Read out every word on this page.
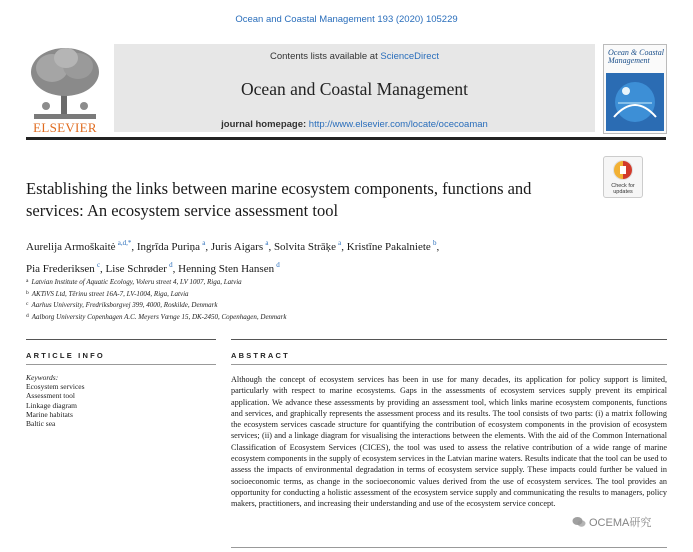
Ocean and Coastal Management 193 (2020) 105229
ELSEVIER
Contents lists available at ScienceDirect
Ocean and Coastal Management
journal homepage: http://www.elsevier.com/locate/ocecoaman
Ocean & Coastal Management
Check for updates
Establishing the links between marine ecosystem components, functions and services: An ecosystem service assessment tool
Aurelija Armoškaitė  $^{a,d,*}$, Ingrīda Puriņa  $^a$, Juris Aigars  $^a$, Solvita Strāķe  $^a$, Kristīne Pakalniete  $^b$,
Pia Frederiksen  $^c$, Lise Schrøder  $^d$, Henning Sten Hansen  $^d$
$^a$ Latvian Institute of Aquatic Ecology, Voleru street 4, LV 1007, Riga, Latvia
$^b$ AKTiVS Ltd, Tērinu street 16A-7, LV-1004, Riga, Latvia
$^c$ Aarhus University, Fredriksborgvej 399, 4000, Roskilde, Denmark
$^d$ Aalborg University Copenhagen A.C. Meyers Vænge 15, DK-2450, Copenhagen, Denmark
ARTICLE INFO	ABSTRACT
Keywords:
Ecosystem services
Assessment tool
Linkage diagram
Marine habitats
Baltic sea
Although the concept of ecosystem services has been in use for many decades, its application for policy support is limited, particularly with respect to marine ecosystems. Gaps in the assessments of ecosystem services supply prevent its empirical application. We advance these assessments by providing an assessment tool, which links marine ecosystem components, functions and services, and graphically represents the assessment process and its results. The tool consists of two parts: (i) a matrix following the ecosystem services cascade structure for quantifying the contribution of ecosystem components in the provision of ecosystem services; (ii) and a linkage diagram for visualising the interactions between the elements. With the aid of the Common International Classification of Ecosystem Services (CICES), the tool was used to assess the relative contribution of a wide range of marine ecosystem components in the supply of ecosystem services in the Latvian marine waters. Results indicate that the tool can be used to assess the impacts of environmental degradation in terms of ecosystem service supply. These impacts could further be valued in socioeconomic terms, as change in the socioeconomic values derived from the use of ecosystem services. The tool provides an opportunity for conducting a holistic assessment of the ecosystem service supply and communicating the results to managers, policy makers, practitioners, and increasing their understanding and use of the ecosystem service concept.
OCEMA研究
